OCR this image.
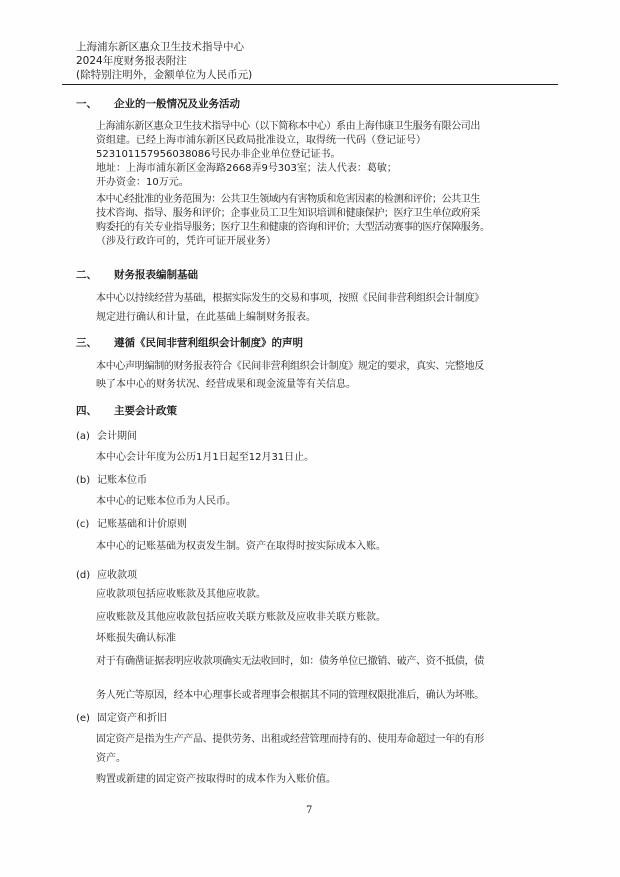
上海浦东新区惠众卫生技术指导中心
2024年度财务报表附注
(除特别注明外，金额单位为人民币元)
一、 企业的一般情况及业务活动
上海浦东新区惠众卫生技术指导中心（以下简称本中心）系由上海伟康卫生服务有限公司出
资组建。已经上海市浦东新区民政局批准设立，取得统一代码（登记证号）
52310115795603808​6号民办非企业单位登记证书。
地址：上海市浦东新区金海路2668弄9号303室；法人代表：葛敏；
开办资金：10万元。
本中心经批准的业务范围为：公共卫生领域内有害物质和危害因素的检测和评价；公共卫生
技术咨询、指导、服务和评价；企事业员工卫生知识培训和健康保护；医疗卫生单位政府采
购委托的有关专业指导服务；医疗卫生和健康的咨询和评价；大型活动赛事的医疗保障服务。
（涉及行政许可的，凭许可证开展业务）
二、 财务报表编制基础
本中心以持续经营为基础，根据实际发生的交易和事项，按照《民间非营利组织会计制度》
规定进行确认和计量，在此基础上编制财务报表。
三、 遵循《民间非营利组织会计制度》的声明
本中心声明编制的财务报表符合《民间非营利组织会计制度》规定的要求，真实、完整地反
映了本中心的财务状况、经营成果和现金流量等有关信息。
四、 主要会计政策
(a) 会计期间
本中心会计年度为公历1月1日起至12月31日止。
(b) 记账本位币
本中心的记账本位币为人民币。
(c) 记账基础和计价原则
本中心的记账基础为权责发生制。资产在取得时按实际成本入账。
(d) 应收款项
应收款项包括应收账款及其他应收款。
应收账款及其他应收款包括应收关联方账款及应收非关联方账款。
坏账损失确认标准
对于有确凿证据表明应收款项确实无法收回时，如：债务单位已撤销、破产、资不抵债，债
务人死亡等原因，经本中心理事长或者理事会根据其不同的管理权限批准后，确认为坏账。
(e) 固定资产和折旧
固定资产是指为生产产品、提供劳务、出租或经营管理而持有的、使用寿命超过一年的有形
资产。
购置或新建的固定资产按取得时的成本作为入账价值。
7
